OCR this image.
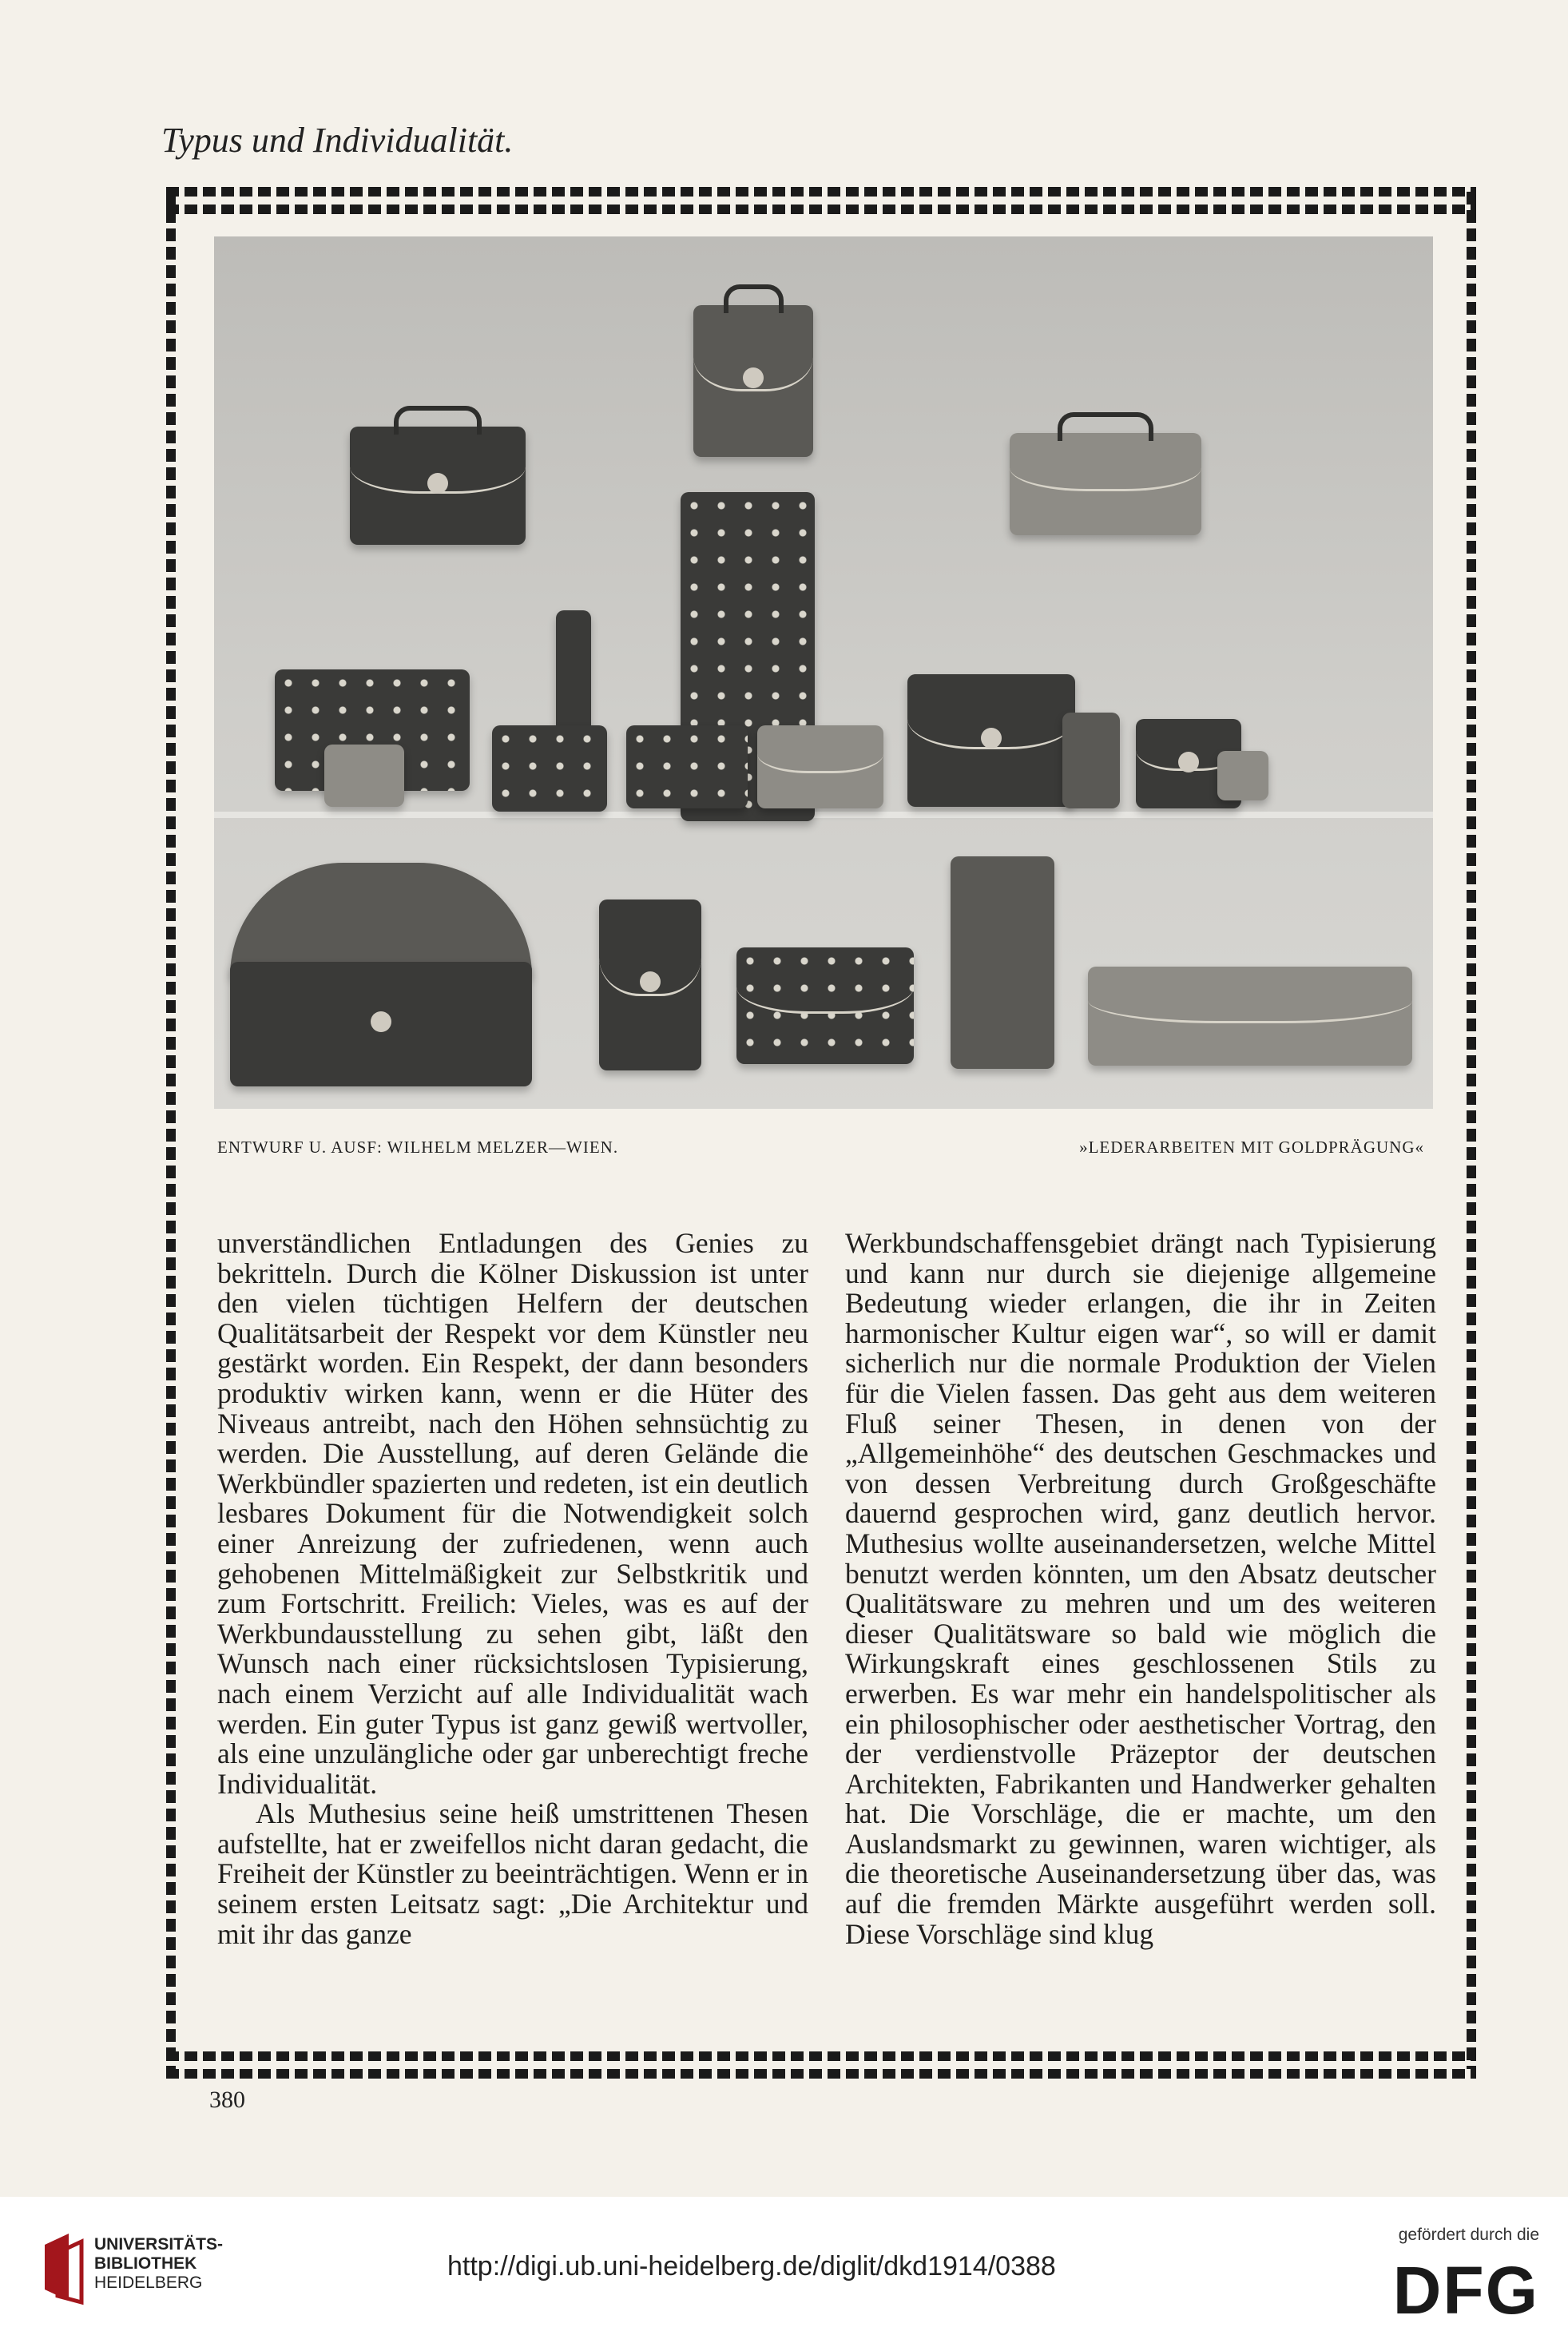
Typus und Individualität.
ENTWURF U. AUSF: WILHELM MELZER—WIEN.	»LEDERARBEITEN MIT GOLDPRÄGUNG«

unverständlichen Entladungen des Genies zu bekritteln. Durch die Kölner Diskussion ist unter den vielen tüchtigen Helfern der deutschen Qualitätsarbeit der Respekt vor dem Künstler neu gestärkt worden. Ein Respekt, der dann besonders produktiv wirken kann, wenn er die Hüter des Niveaus antreibt, nach den Höhen sehnsüchtig zu werden. Die Ausstellung, auf deren Gelände die Werkbündler spazierten und redeten, ist ein deutlich lesbares Dokument für die Notwendigkeit solch einer Anreizung der zufriedenen, wenn auch gehobenen Mittelmäßigkeit zur Selbstkritik und zum Fortschritt. Freilich: Vieles, was es auf der Werkbundausstellung zu sehen gibt, läßt den Wunsch nach einer rücksichtslosen Typisierung, nach einem Verzicht auf alle Individualität wach werden. Ein guter Typus ist ganz gewiß wertvoller, als eine unzulängliche oder gar unberechtigt freche Individualität.

Als Muthesius seine heiß umstrittenen Thesen aufstellte, hat er zweifellos nicht daran gedacht, die Freiheit der Künstler zu beeinträchtigen. Wenn er in seinem ersten Leitsatz sagt: „Die Architektur und mit ihr das ganze

Werkbundschaffensgebiet drängt nach Typisierung und kann nur durch sie diejenige allgemeine Bedeutung wieder erlangen, die ihr in Zeiten harmonischer Kultur eigen war“, so will er damit sicherlich nur die normale Produktion der Vielen für die Vielen fassen. Das geht aus dem weiteren Fluß seiner Thesen, in denen von der „Allgemeinhöhe“ des deutschen Geschmackes und von dessen Verbreitung durch Großgeschäfte dauernd gesprochen wird, ganz deutlich hervor. Muthesius wollte auseinandersetzen, welche Mittel benutzt werden könnten, um den Absatz deutscher Qualitätsware zu mehren und um des weiteren dieser Qualitätsware so bald wie möglich die Wirkungskraft eines geschlossenen Stils zu erwerben. Es war mehr ein handelspolitischer als ein philosophischer oder aesthetischer Vortrag, den der verdienstvolle Präzeptor der deutschen Architekten, Fabrikanten und Handwerker gehalten hat. Die Vorschläge, die er machte, um den Auslandsmarkt zu gewinnen, waren wichtiger, als die theoretische Auseinandersetzung über das, was auf die fremden Märkte ausgeführt werden soll. Diese Vorschläge sind klug

380
UNIVERSITÄTS-
BIBLIOTHEK
HEIDELBERG
http://digi.ub.uni-heidelberg.de/diglit/dkd1914/0388
gefördert durch die
DFG
